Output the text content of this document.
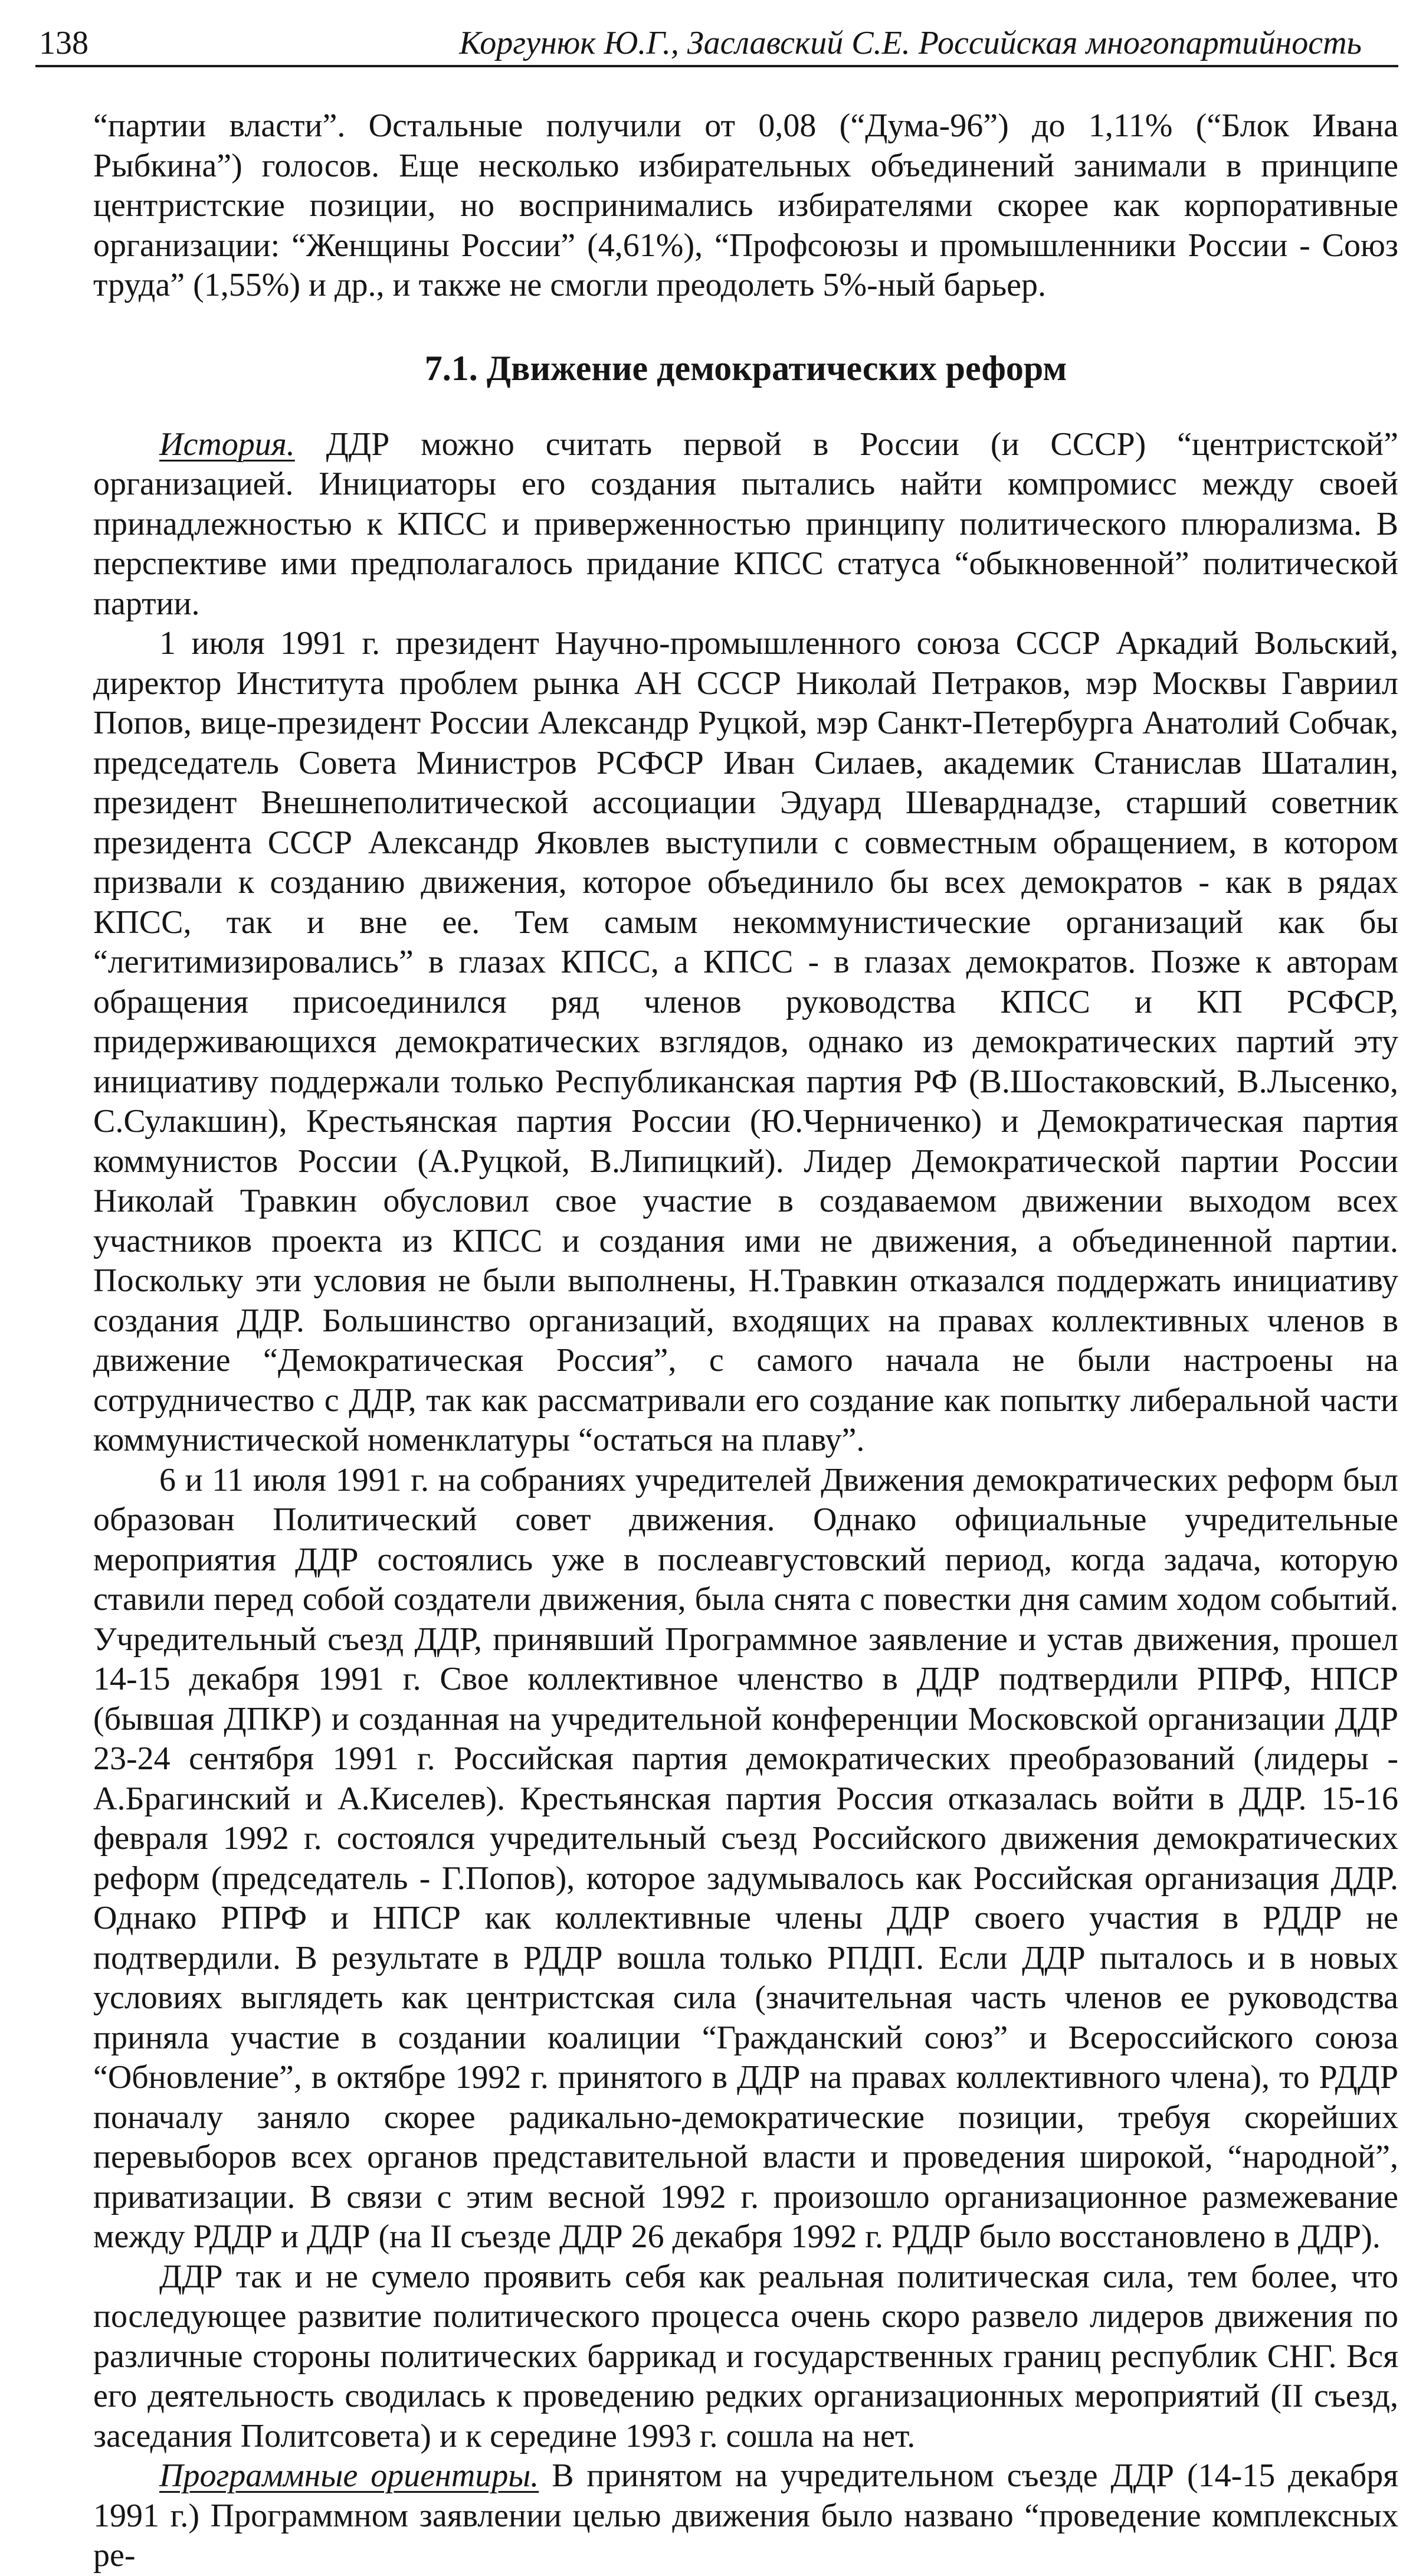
138	Коргунюк Ю.Г., Заславский С.Е. Российская многопартийность

“партии власти”. Остальные получили от 0,08 (“Дума-96”) до 1,11% (“Блок Ивана Рыбкина”) голосов. Еще несколько избирательных объединений занимали в принципе центристские позиции, но воспринимались избирателями скорее как корпоративные организации: “Женщины России” (4,61%), “Профсоюзы и промышленники России - Союз труда” (1,55%) и др., и также не смогли преодолеть 5%-ный барьер.

7.1. Движение демократических реформ

История. ДДР можно считать первой в России (и СССР) “центристской” организацией. Инициаторы его создания пытались найти компромисс между своей принадлежностью к КПСС и приверженностью принципу политического плюрализма. В перспективе ими предполагалось придание КПСС статуса “обыкновенной” политической партии.

1 июля 1991 г. президент Научно-промышленного союза СССР Аркадий Вольский, директор Института проблем рынка АН СССР Николай Петраков, мэр Москвы Гавриил Попов, вице-президент России Александр Руцкой, мэр Санкт-Петербурга Анатолий Собчак, председатель Совета Министров РСФСР Иван Силаев, академик Станислав Шаталин, президент Внешнеполитической ассоциации Эдуард Шеварднадзе, старший советник президента СССР Александр Яковлев выступили с совместным обращением, в котором призвали к созданию движения, которое объединило бы всех демократов - как в рядах КПСС, так и вне ее. Тем самым некоммунистические организаций как бы “легитимизировались” в глазах КПСС, а КПСС - в глазах демократов. Позже к авторам обращения присоединился ряд членов руководства КПСС и КП РСФСР, придерживающихся демократических взглядов, однако из демократических партий эту инициативу поддержали только Республиканская партия РФ (В.Шостаковский, В.Лысенко, С.Сулакшин), Крестьянская партия России (Ю.Черниченко) и Демократическая партия коммунистов России (А.Руцкой, В.Липицкий). Лидер Демократической партии России Николай Травкин обусловил свое участие в создаваемом движении выходом всех участников проекта из КПСС и создания ими не движения, а объединенной партии. Поскольку эти условия не были выполнены, Н.Травкин отказался поддержать инициативу создания ДДР. Большинство организаций, входящих на правах коллективных членов в движение “Демократическая Россия”, с самого начала не были настроены на сотрудничество с ДДР, так как рассматривали его создание как попытку либеральной части коммунистической номенклатуры “остаться на плаву”.

6 и 11 июля 1991 г. на собраниях учредителей Движения демократических реформ был образован Политический совет движения. Однако официальные учредительные мероприятия ДДР состоялись уже в послеавгустовский период, когда задача, которую ставили перед собой создатели движения, была снята с повестки дня самим ходом событий. Учредительный съезд ДДР, принявший Программное заявление и устав движения, прошел 14-15 декабря 1991 г. Свое коллективное членство в ДДР подтвердили РПРФ, НПСР (бывшая ДПКР) и созданная на учредительной конференции Московской организации ДДР 23-24 сентября 1991 г. Российская партия демократических преобразований (лидеры - А.Брагинский и А.Киселев). Крестьянская партия Россия отказалась войти в ДДР. 15-16 февраля 1992 г. состоялся учредительный съезд Российского движения демократических реформ (председатель - Г.Попов), которое задумывалось как Российская организация ДДР. Однако РПРФ и НПСР как коллективные члены ДДР своего участия в РДДР не подтвердили. В результате в РДДР вошла только РПДП. Если ДДР пыталось и в новых условиях выглядеть как центристская сила (значительная часть членов ее руководства приняла участие в создании коалиции “Гражданский союз” и Всероссийского союза “Обновление”, в октябре 1992 г. принятого в ДДР на правах коллективного члена), то РДДР поначалу заняло скорее радикально-демократические позиции, требуя скорейших перевыборов всех органов представительной власти и проведения широкой, “народной”, приватизации. В связи с этим весной 1992 г. произошло организационное размежевание между РДДР и ДДР (на II съезде ДДР 26 декабря 1992 г. РДДР было восстановлено в ДДР).

ДДР так и не сумело проявить себя как реальная политическая сила, тем более, что последующее развитие политического процесса очень скоро развело лидеров движения по различные стороны политических баррикад и государственных границ республик СНГ. Вся его деятельность сводилась к проведению редких организационных мероприятий (II съезд, заседания Политсовета) и к середине 1993 г. сошла на нет.

Программные ориентиры. В принятом на учредительном съезде ДДР (14-15 декабря 1991 г.) Программном заявлении целью движения было названо “проведение комплексных ре-
